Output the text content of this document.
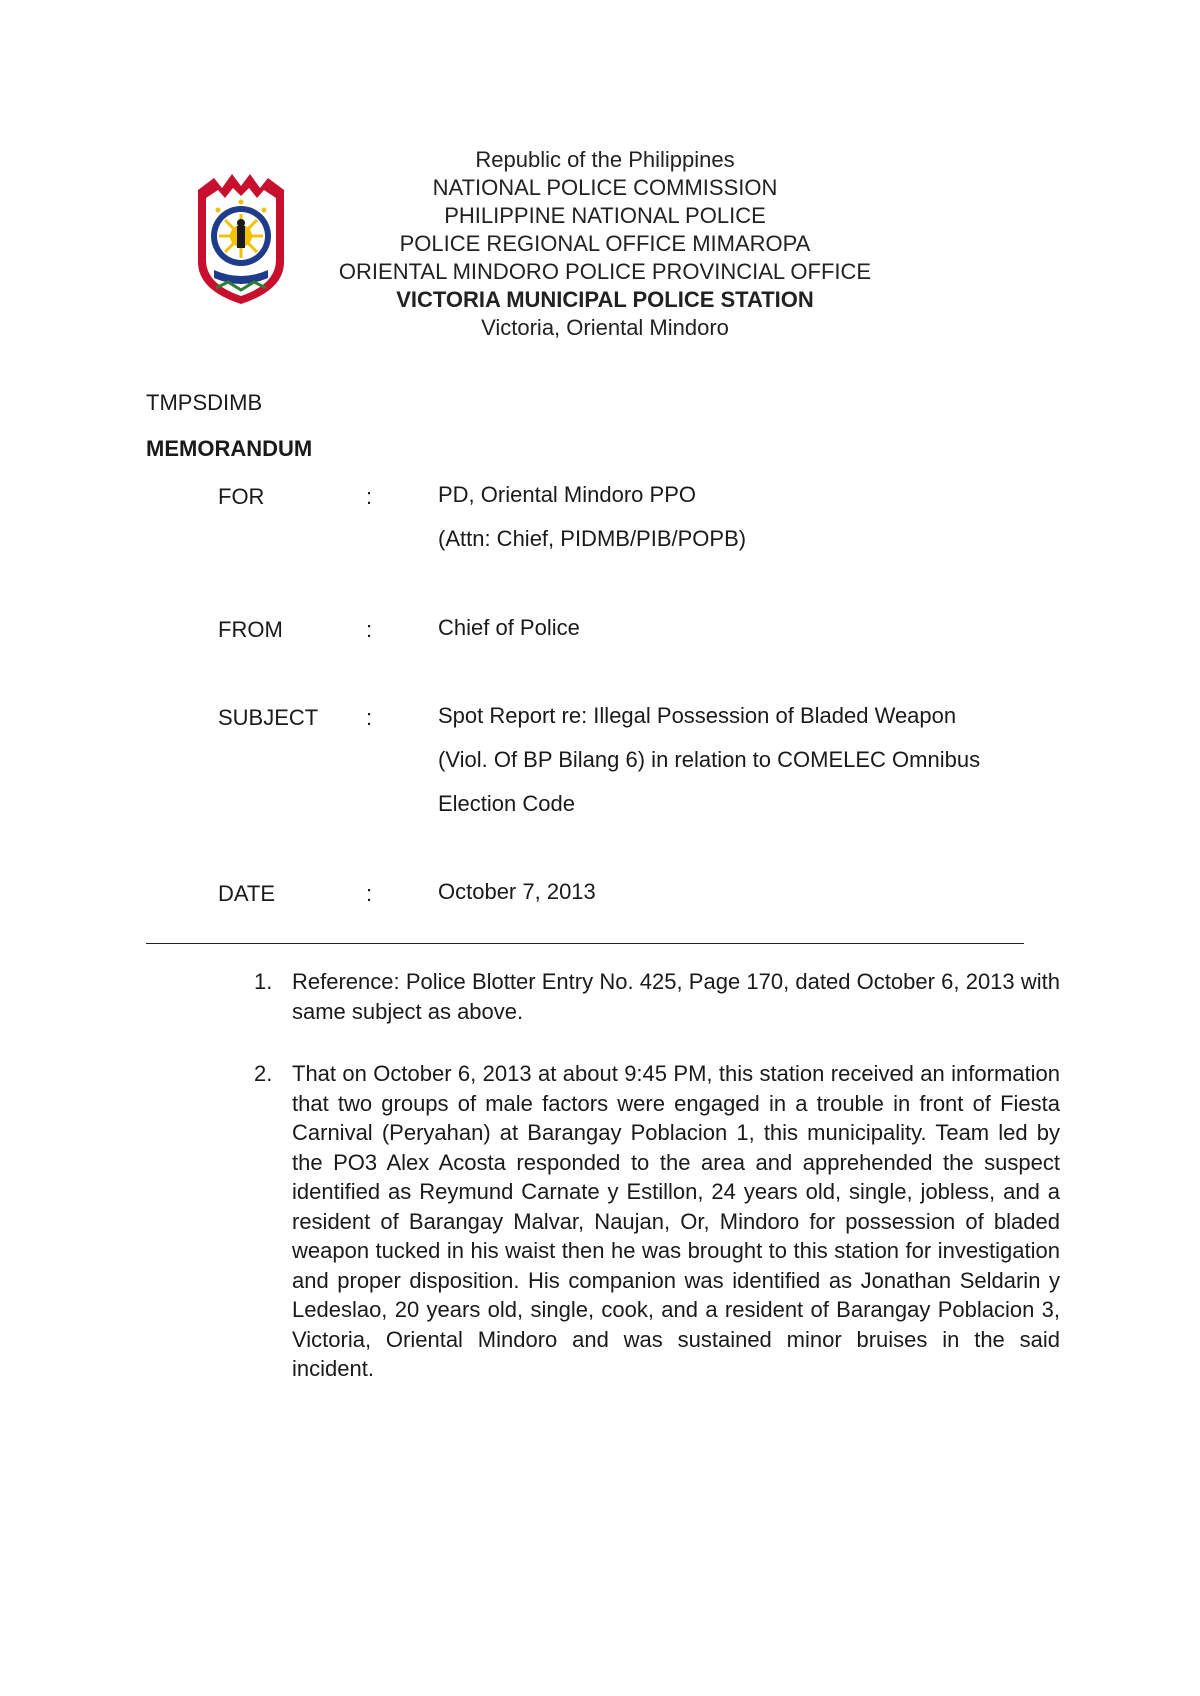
Republic of the Philippines
NATIONAL POLICE COMMISSION
PHILIPPINE NATIONAL POLICE
POLICE REGIONAL OFFICE MIMAROPA
ORIENTAL MINDORO POLICE PROVINCIAL OFFICE
VICTORIA MUNICIPAL POLICE STATION
Victoria, Oriental Mindoro
TMPSDIMB
MEMORANDUM
FOR	:	PD, Oriental Mindoro PPO
(Attn: Chief, PIDMB/PIB/POPB)
FROM	:	Chief of Police
SUBJECT :	Spot Report re: Illegal Possession of Bladed Weapon
(Viol. Of BP Bilang 6) in relation to COMELEC Omnibus
Election Code
DATE	:	October 7, 2013
1. Reference: Police Blotter Entry No. 425, Page 170, dated October 6, 2013 with same subject as above.
2. That on October 6, 2013 at about 9:45 PM, this station received an information that two groups of male factors were engaged in a trouble in front of Fiesta Carnival (Peryahan) at Barangay Poblacion 1, this municipality. Team led by the PO3 Alex Acosta responded to the area and apprehended the suspect identified as Reymund Carnate y Estillon, 24 years old, single, jobless, and a resident of Barangay Malvar, Naujan, Or, Mindoro for possession of bladed weapon tucked in his waist then he was brought to this station for investigation and proper disposition. His companion was identified as Jonathan Seldarin y Ledeslao, 20 years old, single, cook, and a resident of Barangay Poblacion 3, Victoria, Oriental Mindoro and was sustained minor bruises in the said incident.
